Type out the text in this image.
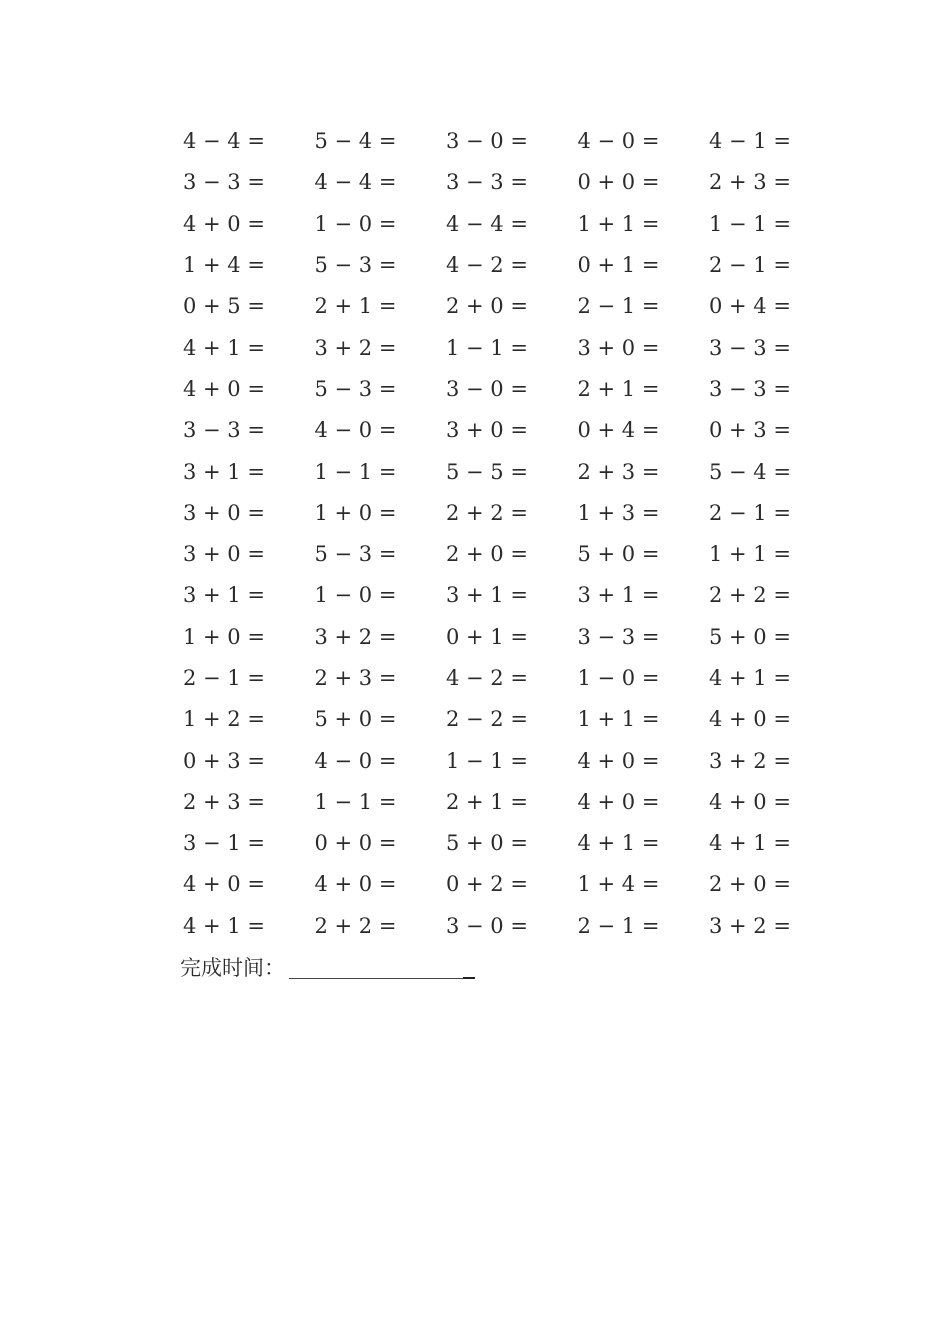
4 − 4 =	5 − 4 =	3 − 0 =	4 − 0 =	4 − 1 =
3 − 3 =	4 − 4 =	3 − 3 =	0 + 0 =	2 + 3 =
4 + 0 =	1 − 0 =	4 − 4 =	1 + 1 =	1 − 1 =
1 + 4 =	5 − 3 =	4 − 2 =	0 + 1 =	2 − 1 =
0 + 5 =	2 + 1 =	2 + 0 =	2 − 1 =	0 + 4 =
4 + 1 =	3 + 2 =	1 − 1 =	3 + 0 =	3 − 3 =
4 + 0 =	5 − 3 =	3 − 0 =	2 + 1 =	3 − 3 =
3 − 3 =	4 − 0 =	3 + 0 =	0 + 4 =	0 + 3 =
3 + 1 =	1 − 1 =	5 − 5 =	2 + 3 =	5 − 4 =
3 + 0 =	1 + 0 =	2 + 2 =	1 + 3 =	2 − 1 =
3 + 0 =	5 − 3 =	2 + 0 =	5 + 0 =	1 + 1 =
3 + 1 =	1 − 0 =	3 + 1 =	3 + 1 =	2 + 2 =
1 + 0 =	3 + 2 =	0 + 1 =	3 − 3 =	5 + 0 =
2 − 1 =	2 + 3 =	4 − 2 =	1 − 0 =	4 + 1 =
1 + 2 =	5 + 0 =	2 − 2 =	1 + 1 =	4 + 0 =
0 + 3 =	4 − 0 =	1 − 1 =	4 + 0 =	3 + 2 =
2 + 3 =	1 − 1 =	2 + 1 =	4 + 0 =	4 + 0 =
3 − 1 =	0 + 0 =	5 + 0 =	4 + 1 =	4 + 1 =
4 + 0 =	4 + 0 =	0 + 2 =	1 + 4 =	2 + 0 =
4 + 1 =	2 + 2 =	3 − 0 =	2 − 1 =	3 + 2 =
完成时间：
